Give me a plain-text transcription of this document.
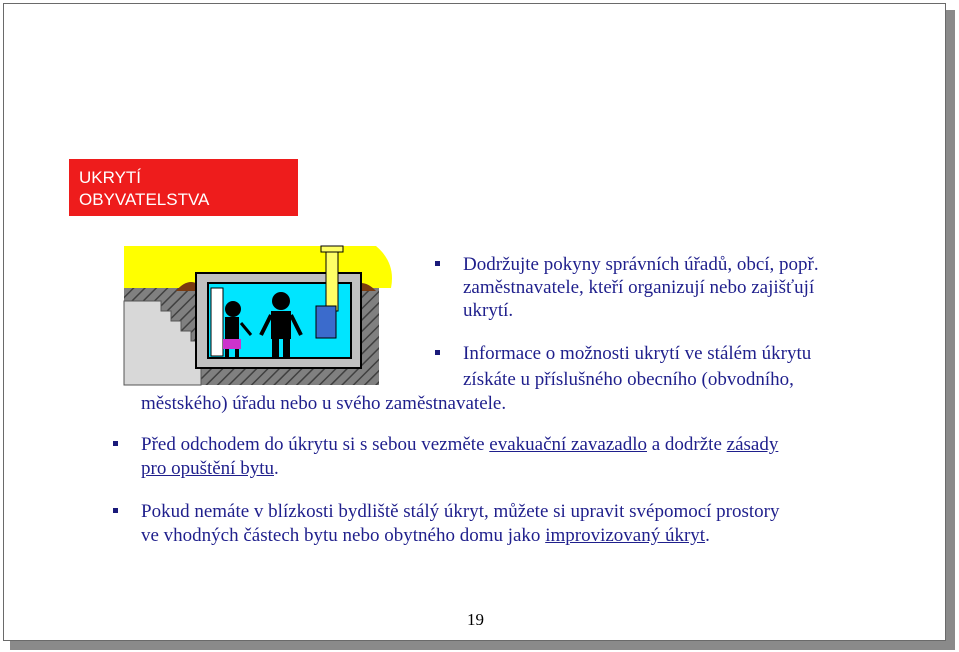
UKRYTÍ
OBYVATELSTVA
Dodržujte pokyny správních úřadů, obcí, popř.
zaměstnavatele, kteří organizují nebo zajišťují
ukrytí.
Informace o možnosti ukrytí ve stálém úkrytu
získáte u příslušného obecního (obvodního,
městského) úřadu nebo u svého zaměstnavatele.
Před odchodem do úkrytu si s sebou vezměte evakuační zavazadlo a dodržte zásady
pro opuštění bytu.
Pokud nemáte v blízkosti bydliště stálý úkryt, můžete si upravit svépomocí prostory
ve vhodných částech bytu nebo obytného domu jako improvizovaný úkryt.
19
